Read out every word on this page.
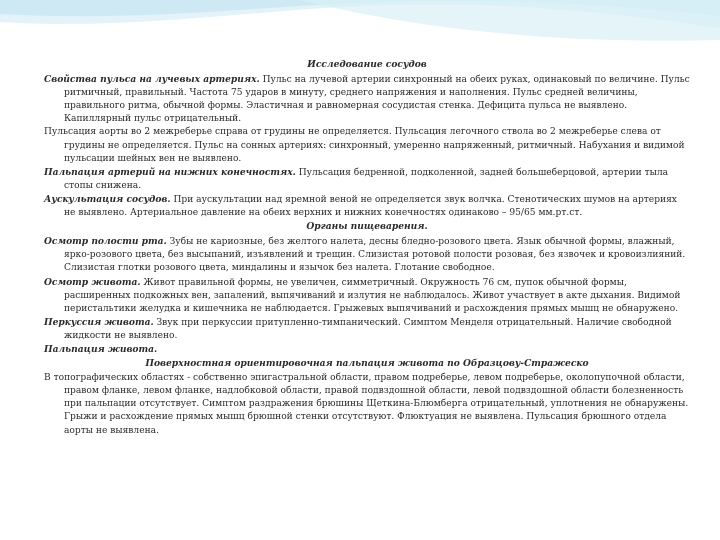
Исследование сосудов

Свойства пульса на лучевых артериях. Пульс на лучевой артерии синхронный на обеих руках, одинаковый по величине. Пульс ритмичный, правильный. Частота 75 ударов в минуту, среднего напряжения и наполнения. Пульс средней величины, правильного ритма, обычной формы. Эластичная и равномерная сосудистая стенка. Дефицита пульса не выявлено. Капиллярный пульс отрицательный.

Пульсация аорты во 2 межреберье справа от грудины не определяется. Пульсация легочного ствола во 2 межреберье слева от грудины не определяется. Пульс на сонных артериях: синхронный, умеренно напряженный, ритмичный. Набухания и видимой пульсации шейных вен не выявлено.

Пальпация артерий на нижних конечностях. Пульсация бедренной, подколенной, задней большеберцовой, артерии тыла стопы снижена.

Аускультация сосудов. При аускультации над яремной веной не определяется звук волчка. Стенотических шумов на артериях не выявлено. Артериальное давление на обеих верхних и нижних конечностях одинаково – 95/65 мм.рт.ст.

Органы пищеварения.

Осмотр полости рта. Зубы не кариозные, без желтого налета, десны бледно-розового цвета. Язык обычной формы, влажный, ярко-розового цвета, без высыпаний, изъявлений и трещин. Слизистая ротовой полости розовая, без язвочек и кровоизлияний. Слизистая глотки розового цвета, миндалины и язычок без налета. Глотание свободное.

Осмотр живота. Живот правильной формы, не увеличен, симметричный. Окружность 76 см, пупок обычной формы, расширенных подкожных вен, запалений, выпячиваний и излутия не наблюдалось. Живот участвует в акте дыхания. Видимой перистальтики желудка и кишечника не наблюдается. Грыжевых выпячиваний и расхождения прямых мышц не обнаружено.

Перкуссия живота. Звук при перкуссии притупленно-тимпанический. Симптом Менделя отрицательный. Наличие свободной жидкости не выявлено.

Пальпация живота.

Поверхностная ориентировочная пальпация живота по Образцову-Стражеско

В топографических областях - собственно эпигастральной области, правом подреберье, левом подреберье, околопупочной области, правом фланке, левом фланке, надлобковой области, правой подвздошной области, левой подвздошной области болезненность при пальпации отсутствует. Симптом раздражения брюшины Щеткина-Блюмберга отрицательный, уплотнения не обнаружены. Грыжи и расхождение прямых мышц брюшной стенки отсутствуют. Флюктуация не выявлена. Пульсация брюшного отдела аорты не выявлена.
